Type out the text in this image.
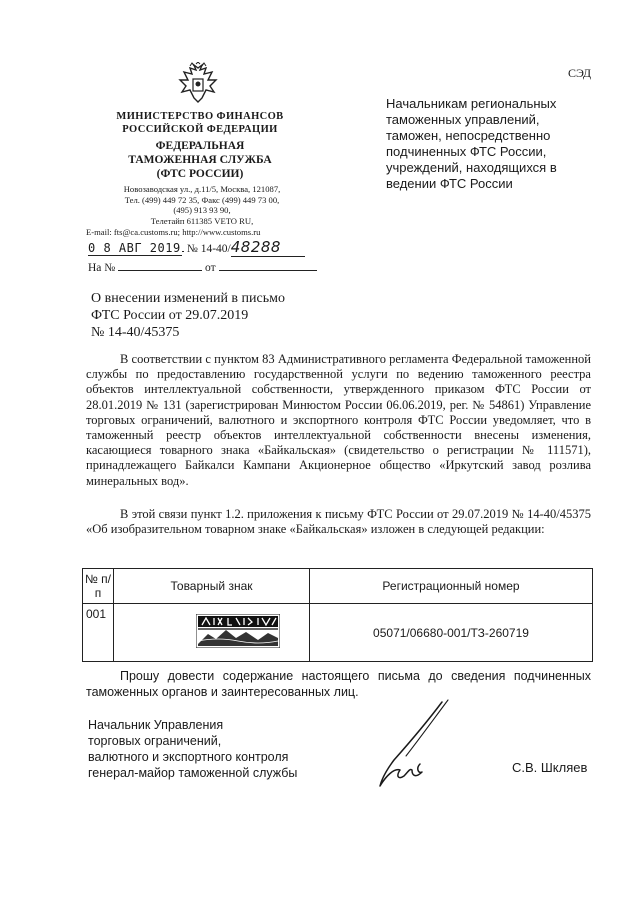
СЭД
МИНИСТЕРСТВО ФИНАНСОВ
РОССИЙСКОЙ ФЕДЕРАЦИИ
ФЕДЕРАЛЬНАЯ
ТАМОЖЕННАЯ СЛУЖБА
(ФТС РОССИИ)
Новозаводская ул., д.11/5, Москва, 121087,
Тел. (499) 449 72 35, Факс (499) 449 73 00,
(495) 913 93 90,
Телетайп 611385 VETO RU,
E-mail: fts@ca.customs.ru; http://www.customs.ru
0 8 АВГ 2019 № 14-40/48288
На №	от
Начальникам региональных таможенных управлений, таможен, непосредственно подчиненных ФТС России, учреждений, находящихся в ведении ФТС России
О внесении изменений в письмо
ФТС России от 29.07.2019
№ 14-40/45375
В соответствии с пунктом 83 Административного регламента Федеральной таможенной службы по предоставлению государственной услуги по ведению таможенного реестра объектов интеллектуальной собственности, утвержденного приказом ФТС России от 28.01.2019 № 131 (зарегистрирован Минюстом России 06.06.2019, рег. № 54861) Управление торговых ограничений, валютного и экспортного контроля ФТС России уведомляет, что в таможенный реестр объектов интеллектуальной собственности внесены изменения, касающиеся товарного знака «Байкальская» (свидетельство о регистрации № 111571), принадлежащего Байкалси Кампани Акционерное общество «Иркутский завод розлива минеральных вод».
В этой связи пункт 1.2. приложения к письму ФТС России от 29.07.2019 № 14-40/45375 «Об изобразительном товарном знаке «Байкальская» изложен в следующей редакции:
№ п/п	Товарный знак	Регистрационный номер
001		05071/06680-001/ТЗ-260719
Прошу довести содержание настоящего письма до сведения подчиненных таможенных органов и заинтересованных лиц.
Начальник Управления
торговых ограничений,
валютного и экспортного контроля
генерал-майор таможенной службы	С.В. Шкляев
